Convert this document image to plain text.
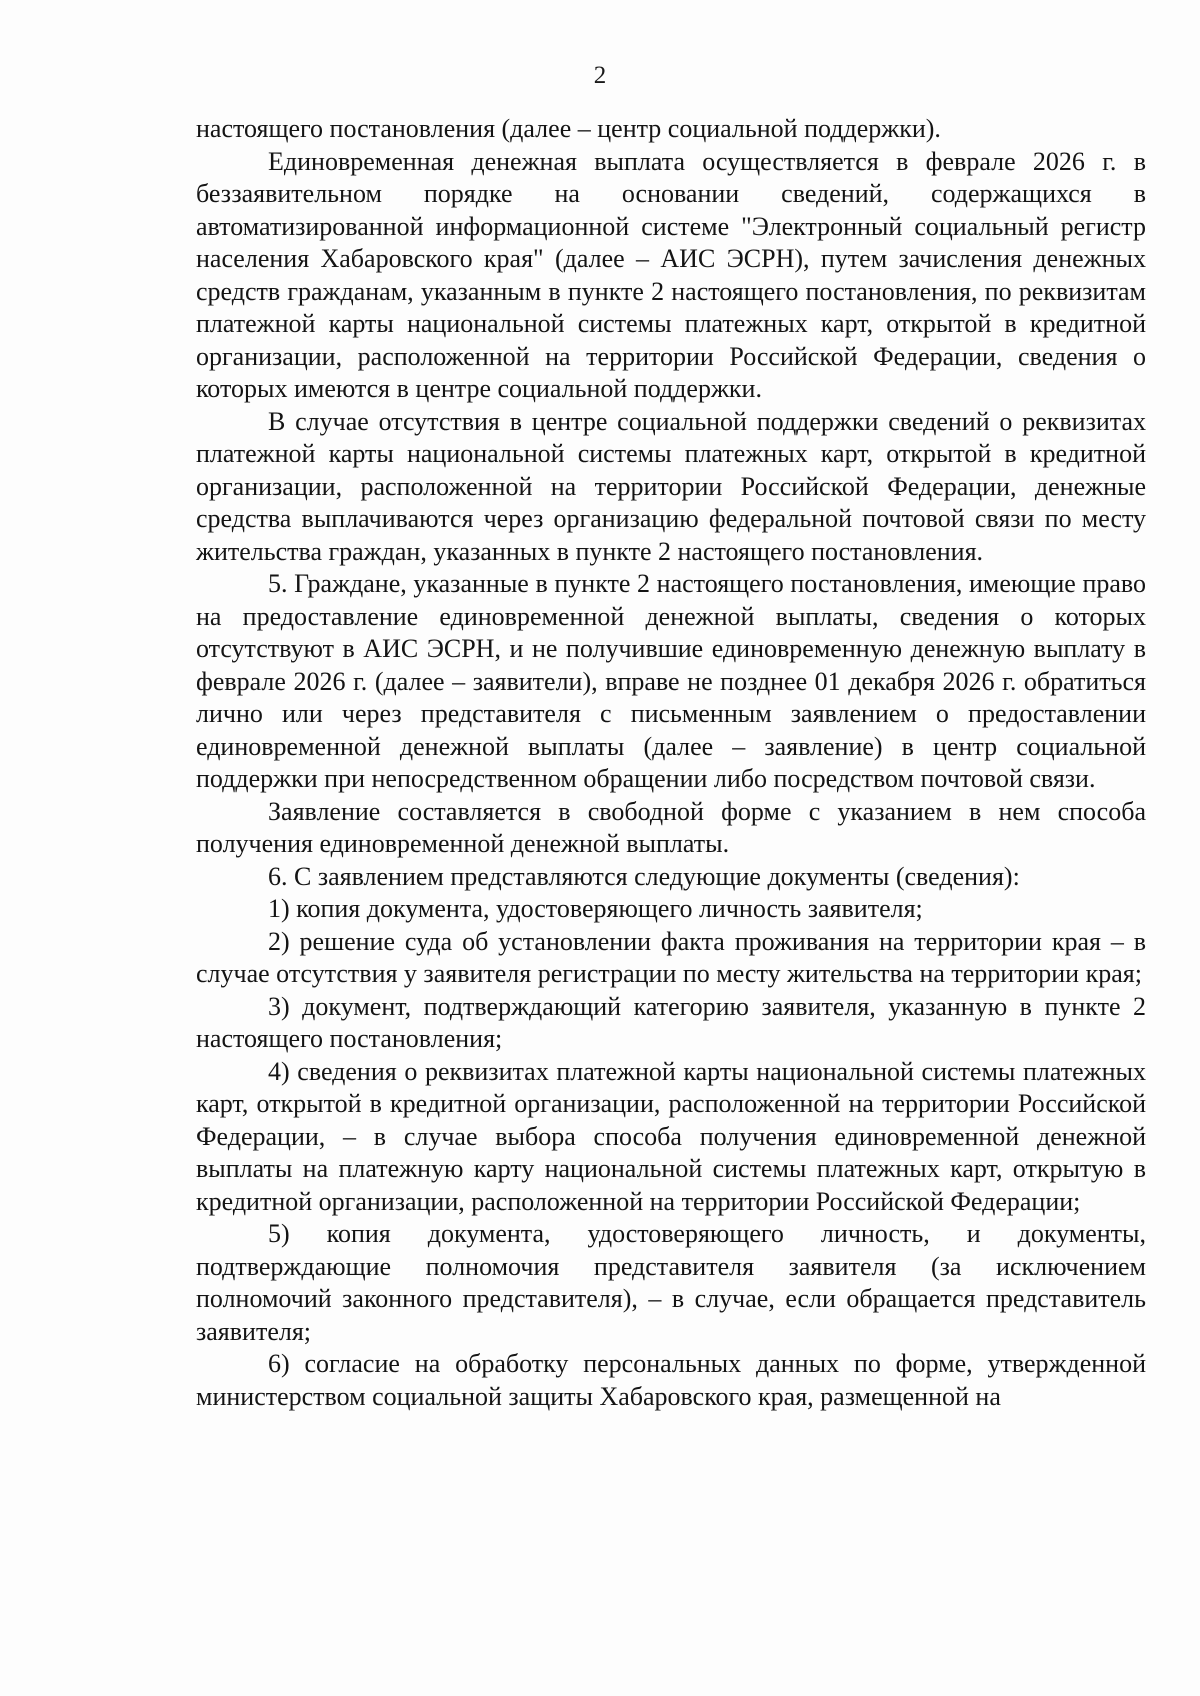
2

настоящего постановления (далее – центр социальной поддержки).

Единовременная денежная выплата осуществляется в феврале 2026 г. в беззаявительном порядке на основании сведений, содержащихся в автоматизированной информационной системе "Электронный социальный регистр населения Хабаровского края" (далее – АИС ЭСРН), путем зачисления денежных средств гражданам, указанным в пункте 2 настоящего постановления, по реквизитам платежной карты национальной системы платежных карт, открытой в кредитной организации, расположенной на территории Российской Федерации, сведения о которых имеются в центре социальной поддержки.

В случае отсутствия в центре социальной поддержки сведений о реквизитах платежной карты национальной системы платежных карт, открытой в кредитной организации, расположенной на территории Российской Федерации, денежные средства выплачиваются через организацию федеральной почтовой связи по месту жительства граждан, указанных в пункте 2 настоящего постановления.

5. Граждане, указанные в пункте 2 настоящего постановления, имеющие право на предоставление единовременной денежной выплаты, сведения о которых отсутствуют в АИС ЭСРН, и не получившие единовременную денежную выплату в феврале 2026 г. (далее – заявители), вправе не позднее 01 декабря 2026 г. обратиться лично или через представителя с письменным заявлением о предоставлении единовременной денежной выплаты (далее – заявление) в центр социальной поддержки при непосредственном обращении либо посредством почтовой связи.

Заявление составляется в свободной форме с указанием в нем способа получения единовременной денежной выплаты.

6. С заявлением представляются следующие документы (сведения):

1) копия документа, удостоверяющего личность заявителя;

2) решение суда об установлении факта проживания на территории края – в случае отсутствия у заявителя регистрации по месту жительства на территории края;

3) документ, подтверждающий категорию заявителя, указанную в пункте 2 настоящего постановления;

4) сведения о реквизитах платежной карты национальной системы платежных карт, открытой в кредитной организации, расположенной на территории Российской Федерации, – в случае выбора способа получения единовременной денежной выплаты на платежную карту национальной системы платежных карт, открытую в кредитной организации, расположенной на территории Российской Федерации;

5) копия документа, удостоверяющего личность, и документы, подтверждающие полномочия представителя заявителя (за исключением полномочий законного представителя), – в случае, если обращается представитель заявителя;

6) согласие на обработку персональных данных по форме, утвержденной министерством социальной защиты Хабаровского края, размещенной на
